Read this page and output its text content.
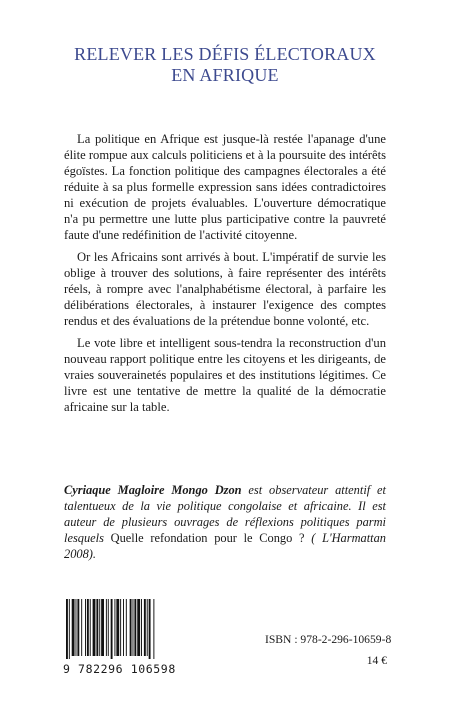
RELEVER LES DÉFIS ÉLECTORAUX
EN AFRIQUE

La politique en Afrique est jusque-là restée l'apanage d'une élite rompue aux calculs politiciens et à la poursuite des intérêts égoïstes. La fonction politique des campagnes électorales a été réduite à sa plus formelle expression sans idées contradictoires ni exécution de projets évaluables. L'ouverture démocratique n'a pu permettre une lutte plus participative contre la pauvreté faute d'une redéfinition de l'activité citoyenne.

Or les Africains sont arrivés à bout. L'impératif de survie les oblige à trouver des solutions, à faire représenter des intérêts réels, à rompre avec l'analphabétisme électoral, à parfaire les délibérations électorales, à instaurer l'exigence des comptes rendus et des évaluations de la prétendue bonne volonté, etc.

Le vote libre et intelligent sous-tendra la reconstruction d'un nouveau rapport politique entre les citoyens et les dirigeants, de vraies souverainetés populaires et des institutions légitimes. Ce livre est une tentative de mettre la qualité de la démocratie africaine sur la table.

Cyriaque Magloire Mongo Dzon est observateur attentif et talentueux de la vie politique congolaise et africaine. Il est auteur de plusieurs ouvrages de réflexions politiques parmi lesquels Quelle refondation pour le Congo ? ( L'Harmattan 2008).
9 782296 106598
ISBN : 978-2-296-10659-8
14 €
